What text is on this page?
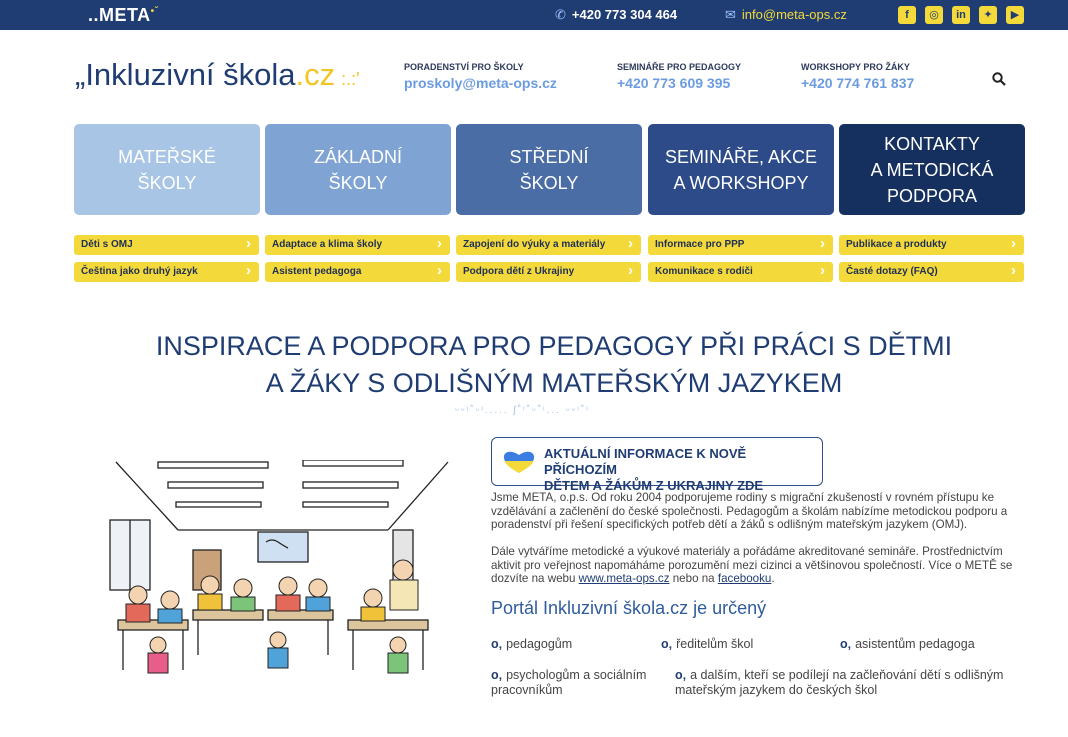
$..META^{•ˇ}$	✆ +420 773 304 464	✉ info@meta-ops.cz	f	◎	in	✦	▶
„Inkluzivní škola.cz :.:'
PORADENSTVÍ PRO ŠKOLY
proskoly@meta-ops.cz
SEMINÁŘE PRO PEDAGOGY
+420 773 609 395
WORKSHOPY PRO ŽÁKY
+420 774 761 837
MATEŘSKÉ
ŠKOLY
ZÁKLADNÍ
ŠKOLY
STŘEDNÍ
ŠKOLY
SEMINÁŘE, AKCE
A WORKSHOPY
KONTAKTY
A METODICKÁ
PODPORA
Děti s OMJ ›
Čeština jako druhý jazyk ›
Adaptace a klima školy ›
Asistent pedagoga ›
Zapojení do výuky a materiály ›
Podpora dětí z Ukrajiny ›
Informace pro PPP ›
Komunikace s rodiči ›
Publikace a produkty ›
Časté dotazy (FAQ) ›
INSPIRACE A PODPORA PRO PEDAGOGY PŘI PRÁCI S DĚTMI
A ŽÁKY S ODLIŠNÝM MATEŘSKÝM JAZYKEM
ᵕᵕᶦ˚ᵕᶦ..... ʃ˚ᶦ˚ᵕ˚ᶦ... ᵕᵕᶦ˚ᶦ
AKTUÁLNÍ INFORMACE K NOVĚ PŘÍCHOZÍM
DĚTEM A ŽÁKŮM Z UKRAJINY ZDE
Jsme META, o.p.s. Od roku 2004 podporujeme rodiny s migrační zkušeností v rovném přístupu ke vzdělávání a začlenění do české společnosti. Pedagogům a školám nabízíme metodickou podporu a poradenství při řešení specifických potřeb dětí a žáků s odlišným mateřským jazykem (OMJ).
Dále vytváříme metodické a výukové materiály a pořádáme akreditované semináře. Prostřednictvím aktivit pro veřejnost napomáháme porozumění mezi cizinci a většinovou společností. Více o METĚ se dozvíte na webu www.meta-ops.cz nebo na facebooku.
Portál Inkluzivní škola.cz je určený
o‚ pedagogům	o‚ ředitelům škol	o‚ asistentům pedagoga
o‚ psychologům a sociálním pracovníkům
o‚ a dalším, kteří se podílejí na začleňování dětí s odlišným mateřským jazykem do českých škol
